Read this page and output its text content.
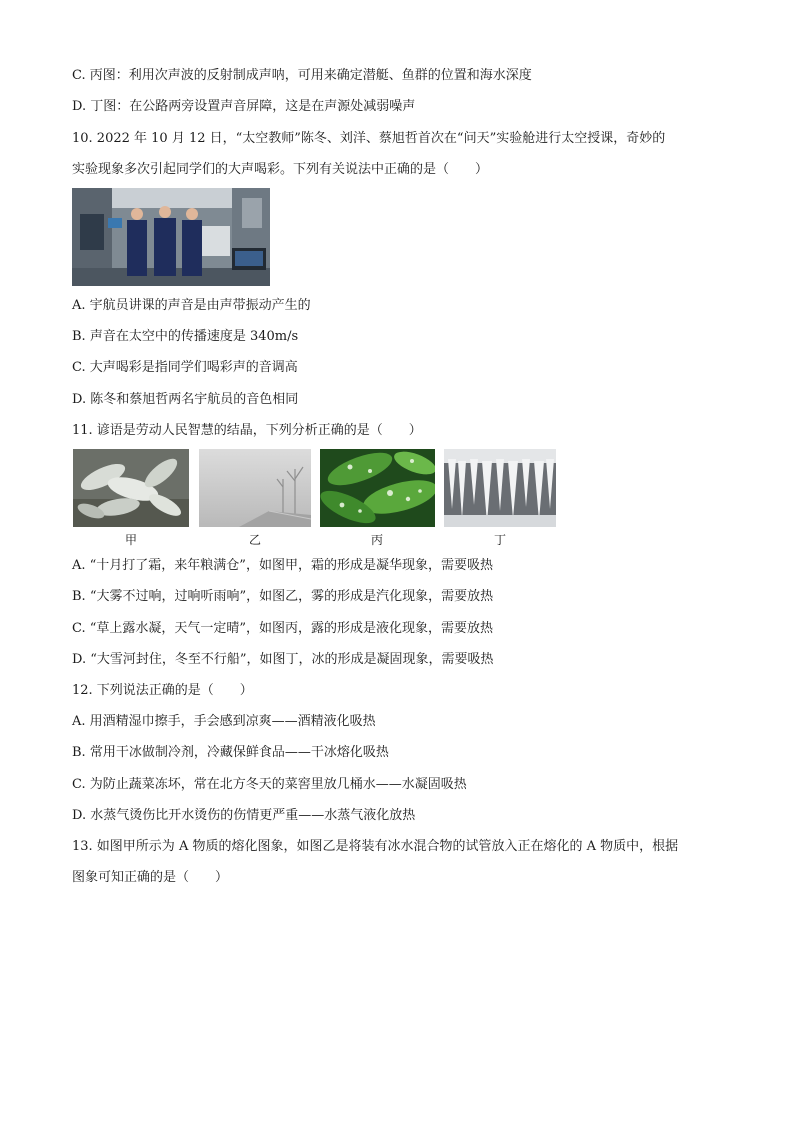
C. 丙图：利用次声波的反射制成声呐，可用来确定潜艇、鱼群的位置和海水深度
D. 丁图：在公路两旁设置声音屏障，这是在声源处减弱噪声
10. 2022 年 10 月 12 日，“太空教师”陈冬、刘洋、蔡旭哲首次在“问天”实验舱进行太空授课，奇妙的
实验现象多次引起同学们的大声喝彩。下列有关说法中正确的是（　　）
A. 宇航员讲课的声音是由声带振动产生的
B. 声音在太空中的传播速度是 340m/s
C. 大声喝彩是指同学们喝彩声的音调高
D. 陈冬和蔡旭哲两名宇航员的音色相同
11. 谚语是劳动人民智慧的结晶，下列分析正确的是（　　）
甲	乙	丙	丁
A. “十月打了霜，来年粮满仓”，如图甲，霜的形成是凝华现象，需要吸热
B. “大雾不过响，过响听雨响”，如图乙，雾的形成是汽化现象，需要放热
C. “草上露水凝，天气一定晴”，如图丙，露的形成是液化现象，需要放热
D. “大雪河封住，冬至不行船”，如图丁，冰的形成是凝固现象，需要吸热
12. 下列说法正确的是（　　）
A. 用酒精湿巾擦手，手会感到凉爽——酒精液化吸热
B. 常用干冰做制冷剂，冷藏保鲜食品——干冰熔化吸热
C. 为防止蔬菜冻坏，常在北方冬天的菜窖里放几桶水——水凝固吸热
D. 水蒸气烫伤比开水烫伤的伤情更严重——水蒸气液化放热
13. 如图甲所示为 A 物质的熔化图象，如图乙是将装有冰水混合物的试管放入正在熔化的 A 物质中，根据
图象可知正确的是（　　）
